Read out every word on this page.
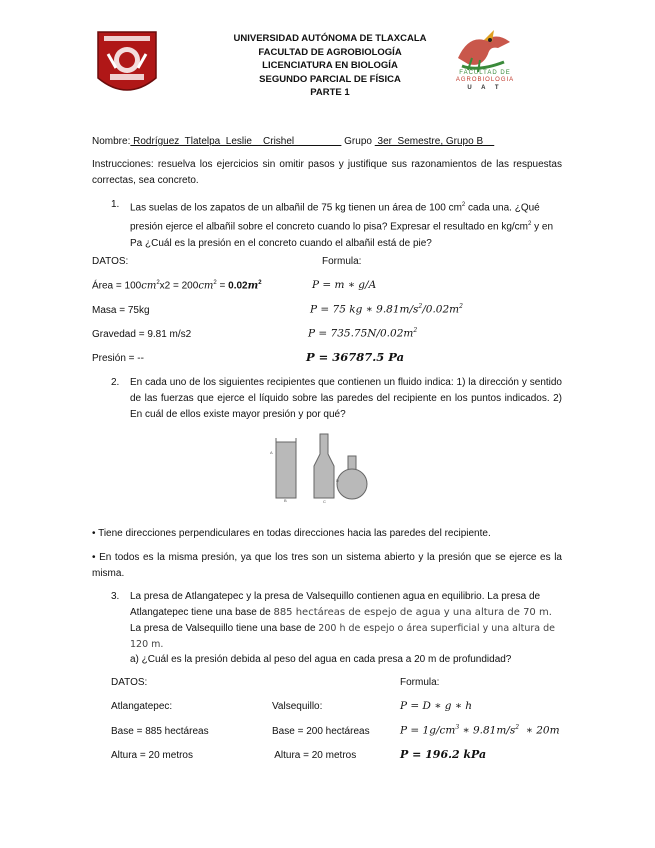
UNIVERSIDAD AUTÓNOMA DE TLAXCALA
FACULTAD DE AGROBIOLOGÍA
LICENCIATURA EN BIOLOGÍA
SEGUNDO PARCIAL DE FÍSICA
PARTE 1
FACULTAD DE
AGROBIOLOGIA
U A T
Nombre: Rodríguez  Tlatelpa  Leslie    Crishel                  Grupo  3er  Semestre, Grupo B
Instrucciones: resuelva los ejercicios sin omitir pasos y justifique sus razonamientos de las respuestas correctas, sea concreto.
1. Las suelas de los zapatos de un albañil de 75 kg tienen un área de 100 $cm^2$ cada una. ¿Qué presión ejerce el albañil sobre el concreto cuando lo pisa? Expresar el resultado en $kg/cm^2$ y en Pa ¿Cuál es la presión en el concreto cuando el albañil está de pie?
DATOS:	Formula:
Área = $100cm^2x2 = 200cm^2 = 0.02m^2$	P = m ∗ g/A
Masa = 75kg	P = 75 kg ∗ $9.81m/s^2/0.02m^2$
Gravedad = 9.81 m/s2	$P = 735.75N/0.02m^2$
Presión = --	P = 36787.5 Pa
2. En cada uno de los siguientes recipientes que contienen un fluido indica: 1) la dirección y sentido de las fuerzas que ejerce el líquido sobre las paredes del recipiente en los puntos indicados. 2) En cuál de ellos existe mayor presión y por qué?
A
B	C
D
• Tiene direcciones perpendiculares en todas direcciones hacia las paredes del recipiente.
• En todos es la misma presión, ya que los tres son un sistema abierto y la presión que se ejerce es la misma.
3. La presa de Atlangatepec y la presa de Valsequillo contienen agua en equilibrio. La presa de Atlangatepec tiene una base de 885 hectáreas de espejo de agua y una altura de 70 m. La presa de Valsequillo tiene una base de 200 h de espejo o área superficial y una altura de 120 m.
a) ¿Cuál es la presión debida al peso del agua en cada presa a 20 m de profundidad?
DATOS:	Formula:
Atlangatepec:	Valsequillo:	P = D ∗ g ∗ h
Base = 885 hectáreas	Base = 200 hectáreas	$P = 1g/cm^3$ ∗ $9.81m/s^2$  ∗ 20m
Altura = 20 metros	Altura = 20 metros	P = 196.2 kPa
